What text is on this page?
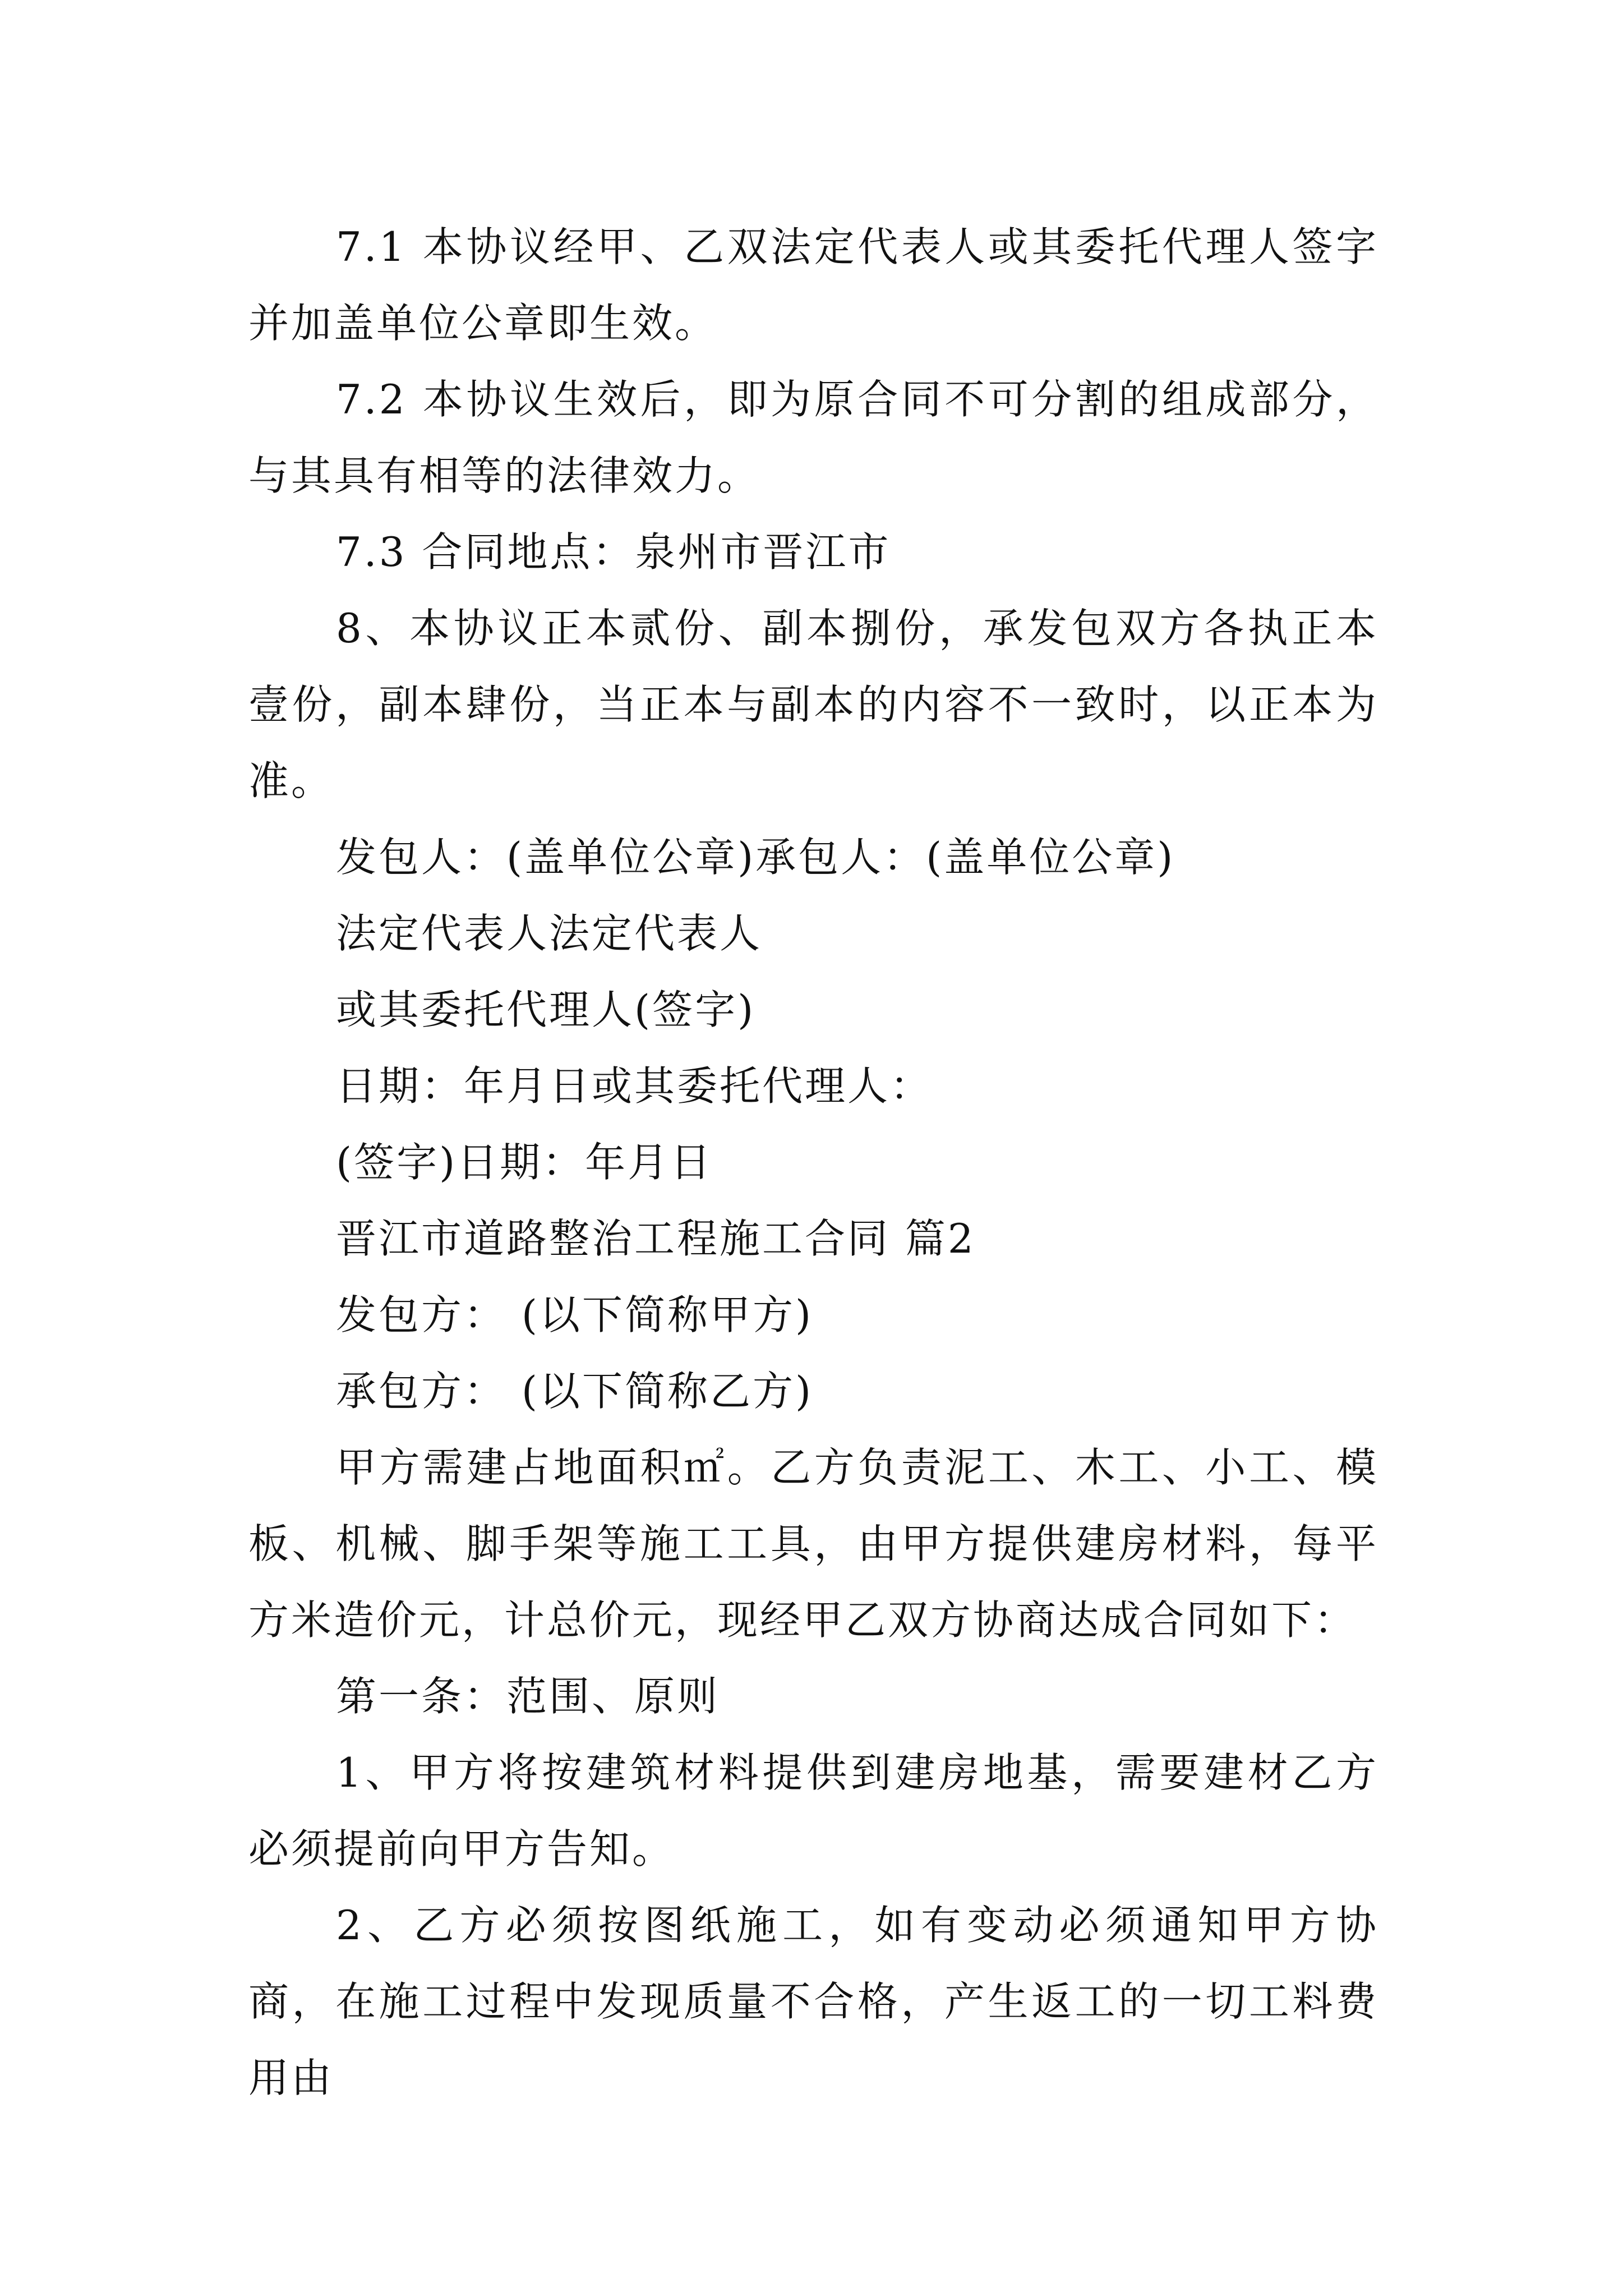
7.1 本协议经甲、乙双法定代表人或其委托代理人签字并加盖单位公章即生效。

7.2 本协议生效后，即为原合同不可分割的组成部分，与其具有相等的法律效力。

7.3 合同地点：泉州市晋江市

8、本协议正本贰份、副本捌份，承发包双方各执正本壹份，副本肆份，当正本与副本的内容不一致时，以正本为准。

发包人：(盖单位公章)承包人：(盖单位公章)

法定代表人法定代表人

或其委托代理人(签字)

日期：年月日或其委托代理人：

(签字)日期：年月日

晋江市道路整治工程施工合同 篇2

发包方： (以下简称甲方)

承包方： (以下简称乙方)

甲方需建占地面积㎡。乙方负责泥工、木工、小工、模板、机械、脚手架等施工工具，由甲方提供建房材料，每平方米造价元，计总价元，现经甲乙双方协商达成合同如下：

第一条：范围、原则

1、甲方将按建筑材料提供到建房地基，需要建材乙方必须提前向甲方告知。

2、乙方必须按图纸施工，如有变动必须通知甲方协商，在施工过程中发现质量不合格，产生返工的一切工料费用由
